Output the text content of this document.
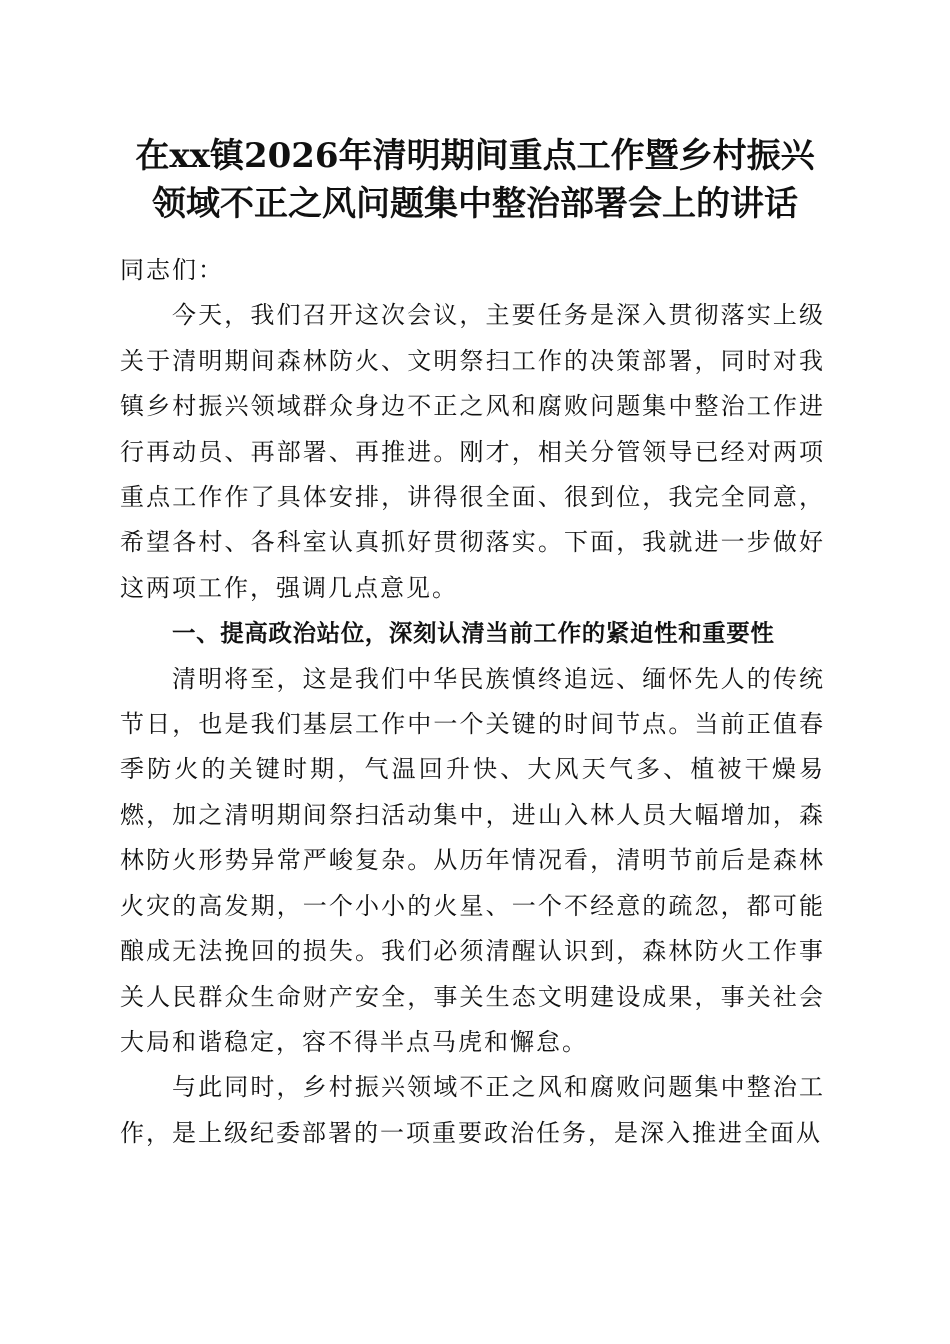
在xx镇2026年清明期间重点工作暨乡村振兴
领域不正之风问题集中整治部署会上的讲话

同志们：

今天，我们召开这次会议，主要任务是深入贯彻落实上级关于清明期间森林防火、文明祭扫工作的决策部署，同时对我镇乡村振兴领域群众身边不正之风和腐败问题集中整治工作进行再动员、再部署、再推进。刚才，相关分管领导已经对两项重点工作作了具体安排，讲得很全面、很到位，我完全同意，希望各村、各科室认真抓好贯彻落实。下面，我就进一步做好这两项工作，强调几点意见。

一、提高政治站位，深刻认清当前工作的紧迫性和重要性

清明将至，这是我们中华民族慎终追远、缅怀先人的传统节日，也是我们基层工作中一个关键的时间节点。当前正值春季防火的关键时期，气温回升快、大风天气多、植被干燥易燃，加之清明期间祭扫活动集中，进山入林人员大幅增加，森林防火形势异常严峻复杂。从历年情况看，清明节前后是森林火灾的高发期，一个小小的火星、一个不经意的疏忽，都可能酿成无法挽回的损失。我们必须清醒认识到，森林防火工作事关人民群众生命财产安全，事关生态文明建设成果，事关社会大局和谐稳定，容不得半点马虎和懈怠。

与此同时，乡村振兴领域不正之风和腐败问题集中整治工作，是上级纪委部署的一项重要政治任务，是深入推进全面从
